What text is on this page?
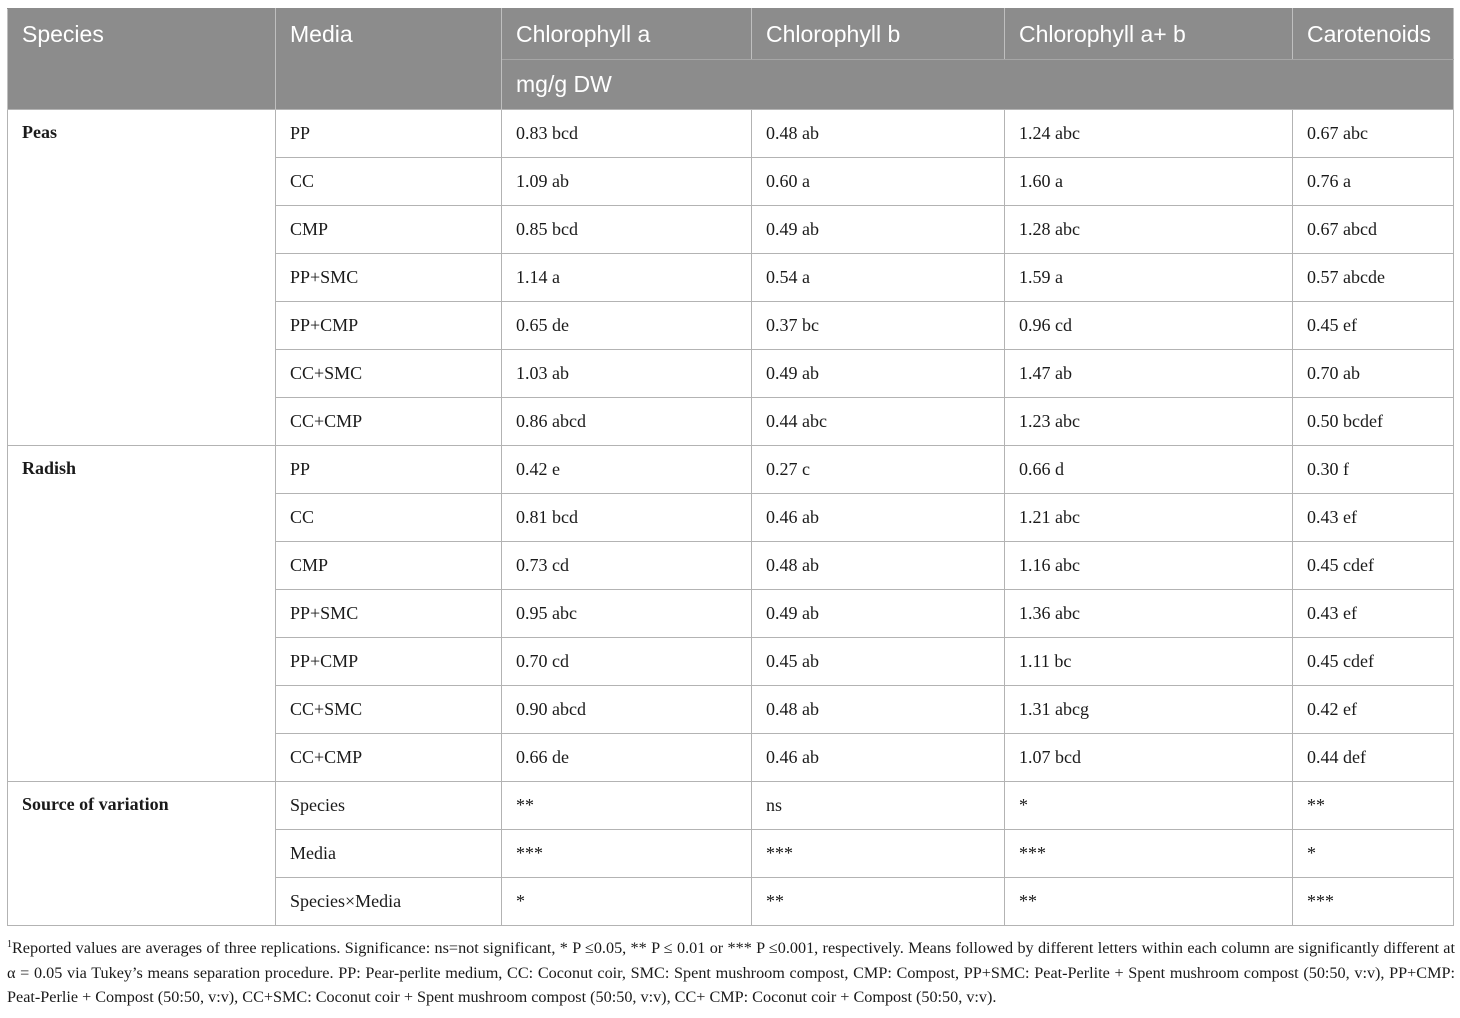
Species	Media	Chlorophyll a	Chlorophyll b	Chlorophyll a+ b	Carotenoids
		mg/g DW			
Peas	PP	0.83 bcd	0.48 ab	1.24 abc	0.67 abc
	CC	1.09 ab	0.60 a	1.60 a	0.76 a
	CMP	0.85 bcd	0.49 ab	1.28 abc	0.67 abcd
	PP+SMC	1.14 a	0.54 a	1.59 a	0.57 abcde
	PP+CMP	0.65 de	0.37 bc	0.96 cd	0.45 ef
	CC+SMC	1.03 ab	0.49 ab	1.47 ab	0.70 ab
	CC+CMP	0.86 abcd	0.44 abc	1.23 abc	0.50 bcdef
Radish	PP	0.42 e	0.27 c	0.66 d	0.30 f
	CC	0.81 bcd	0.46 ab	1.21 abc	0.43 ef
	CMP	0.73 cd	0.48 ab	1.16 abc	0.45 cdef
	PP+SMC	0.95 abc	0.49 ab	1.36 abc	0.43 ef
	PP+CMP	0.70 cd	0.45 ab	1.11 bc	0.45 cdef
	CC+SMC	0.90 abcd	0.48 ab	1.31 abcg	0.42 ef
	CC+CMP	0.66 de	0.46 ab	1.07 bcd	0.44 def
Source of variation	Species	**	ns	*	**
	Media	***	***	***	*
	Species×Media	*	**	**	***
$^1$Reported values are averages of three replications. Significance: ns=not significant, * P ≤0.05, ** P ≤ 0.01 or *** P ≤0.001, respectively. Means followed by different letters within each column are significantly different at α = 0.05 via Tukey’s means separation procedure. PP: Pear-perlite medium, CC: Coconut coir, SMC: Spent mushroom compost, CMP: Compost, PP+SMC: Peat-Perlite + Spent mushroom compost (50:50, v:v), PP+CMP: Peat-Perlie + Compost (50:50, v:v), CC+SMC: Coconut coir + Spent mushroom compost (50:50, v:v), CC+ CMP: Coconut coir + Compost (50:50, v:v).
